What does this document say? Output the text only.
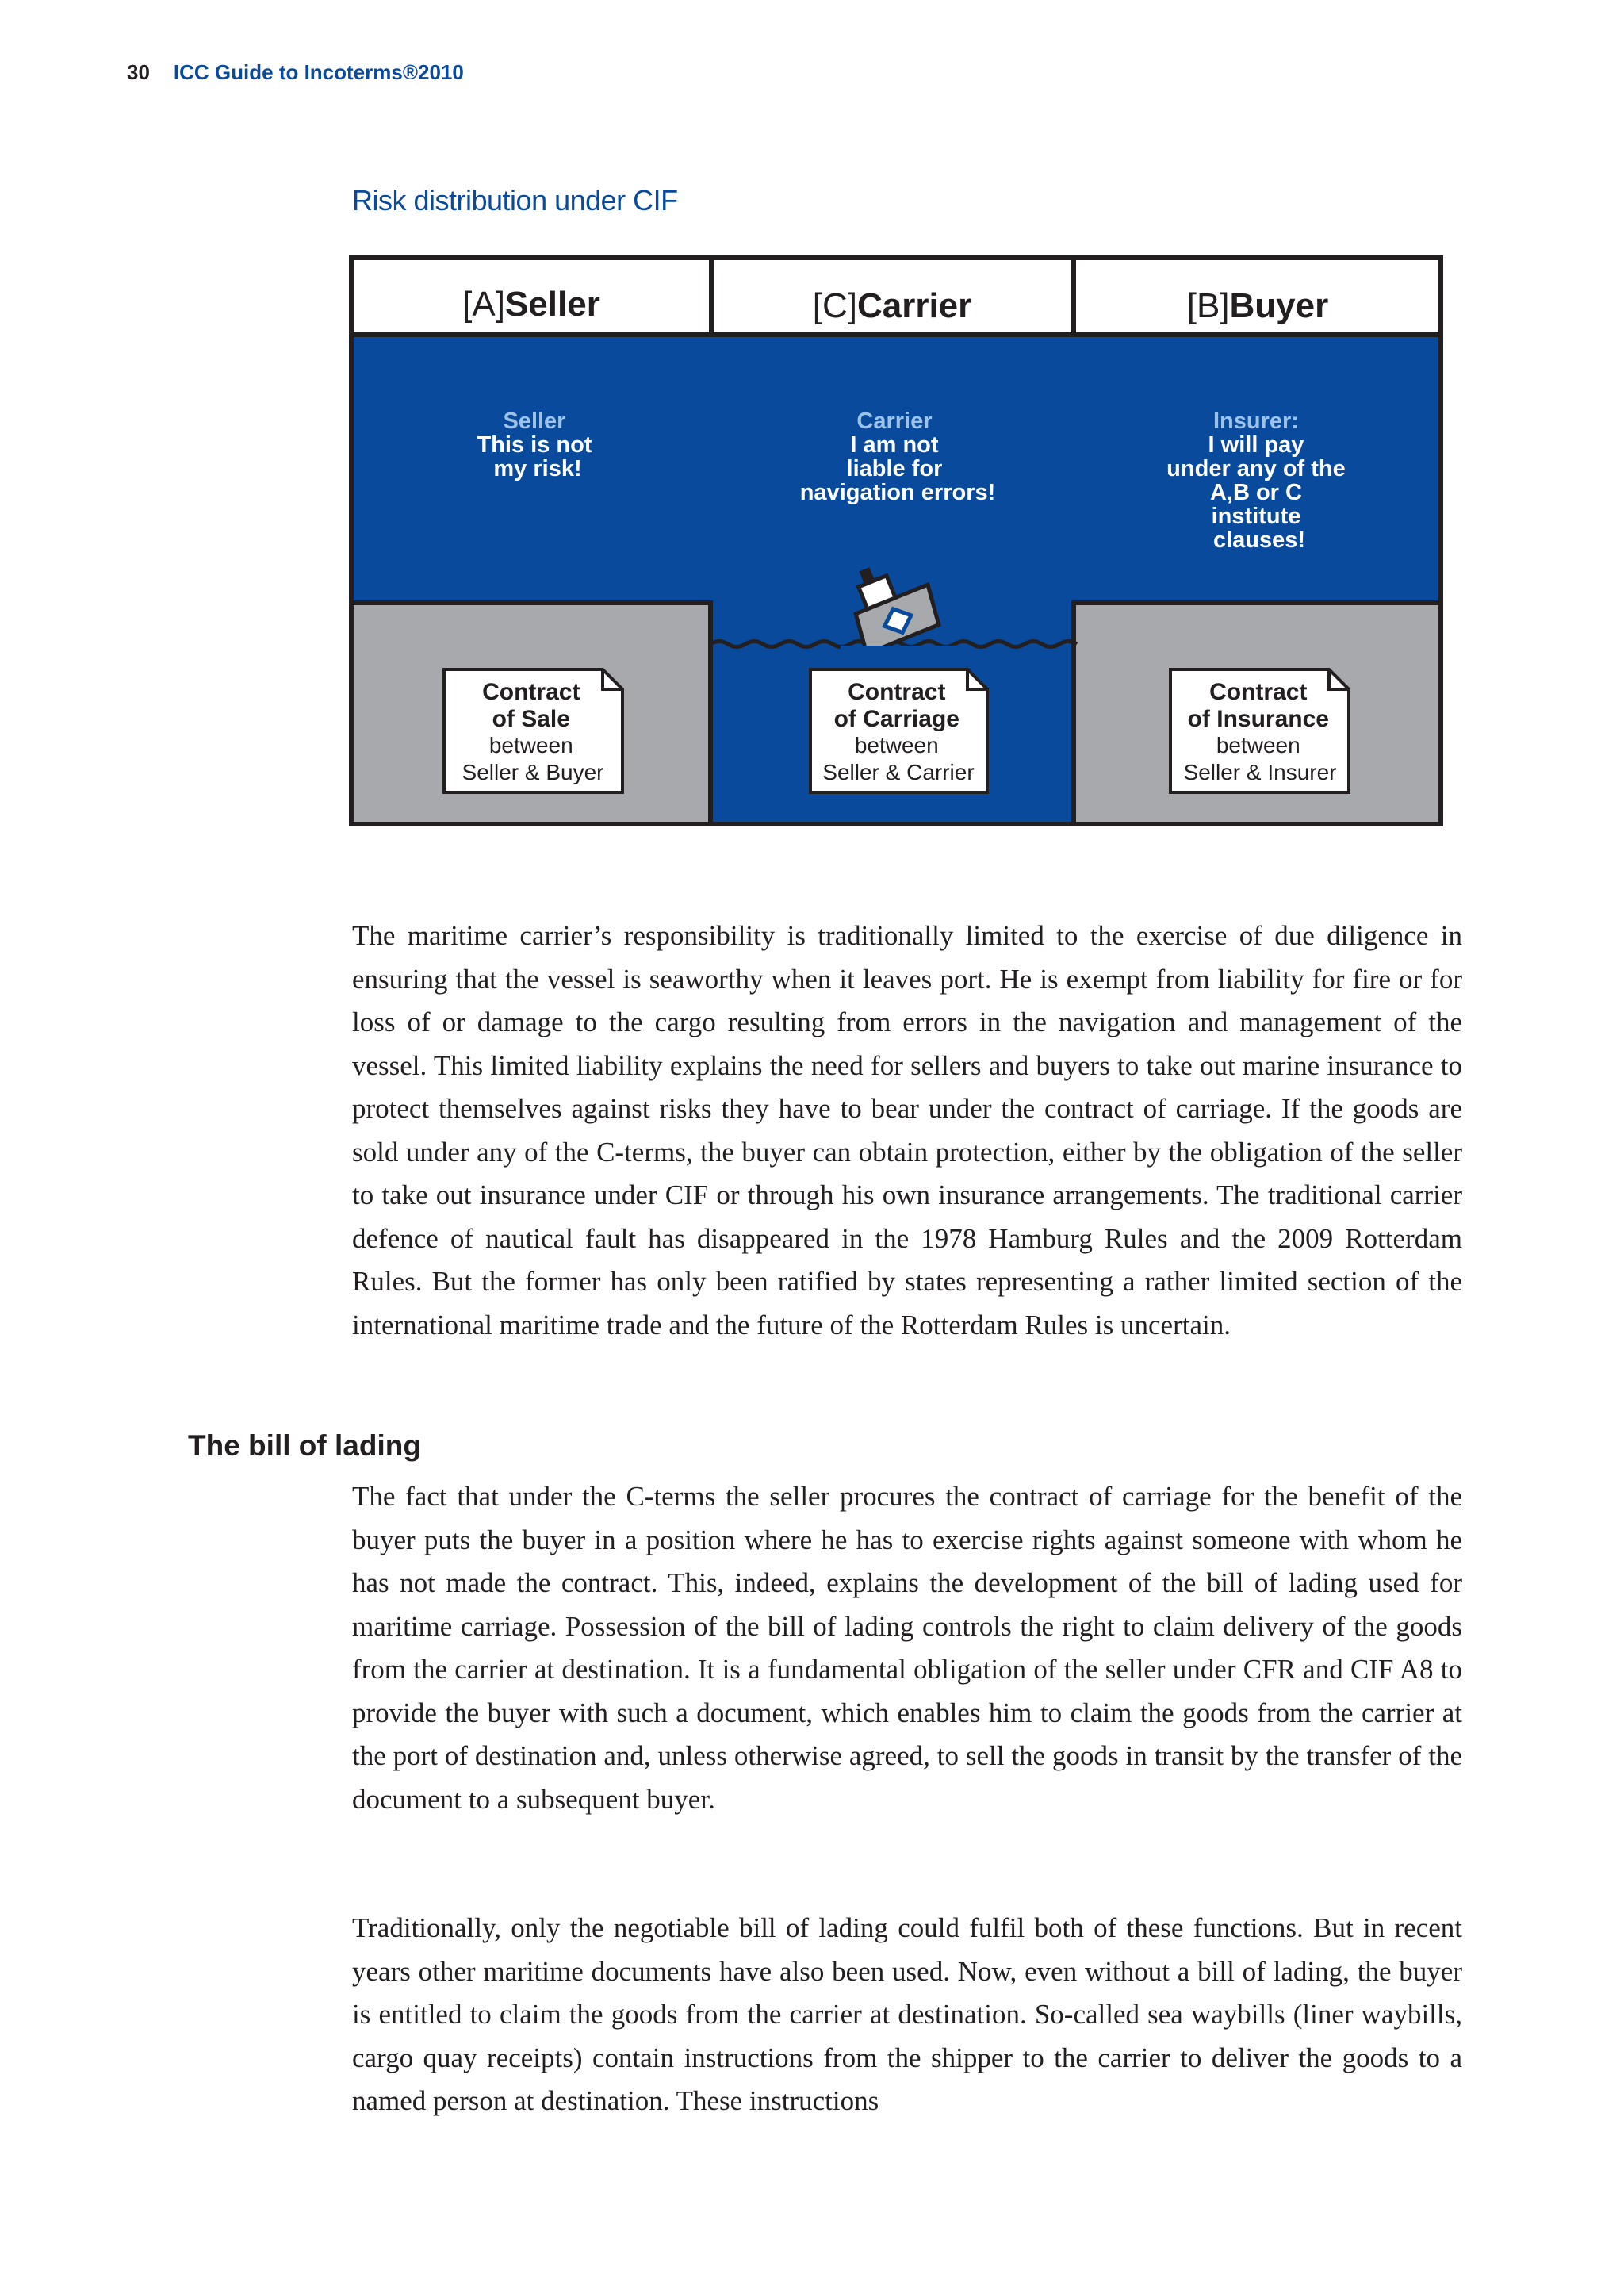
30 ICC Guide to Incoterms®2010
Risk distribution under CIF
[A]Seller	[C]Carrier	[B]Buyer
Seller This is not my risk!
Carrier I am not liable for navigation errors!
Insurer: I will pay under any of the A,B or C institute clauses!
Contract of Sale between Seller & Buyer
Contract of Carriage between Seller & Carrier
Contract of Insurance between Seller & Insurer

The maritime carrier’s responsibility is traditionally limited to the exercise of due diligence in ensuring that the vessel is seaworthy when it leaves port. He is exempt from liability for fire or for loss of or damage to the cargo resulting from errors in the navigation and management of the vessel. This limited liability explains the need for sellers and buyers to take out marine insurance to protect themselves against risks they have to bear under the contract of carriage. If the goods are sold under any of the C-terms, the buyer can obtain protection, either by the obligation of the seller to take out insurance under CIF or through his own insurance arrangements. The traditional carrier defence of nautical fault has disappeared in the 1978 Hamburg Rules and the 2009 Rotterdam Rules. But the former has only been ratified by states representing a rather limited section of the international maritime trade and the future of the Rotterdam Rules is uncertain.

The bill of lading

The fact that under the C-terms the seller procures the contract of carriage for the benefit of the buyer puts the buyer in a position where he has to exercise rights against someone with whom he has not made the contract. This, indeed, explains the development of the bill of lading used for maritime carriage. Possession of the bill of lading controls the right to claim delivery of the goods from the carrier at destination. It is a fundamental obligation of the seller under CFR and CIF A8 to provide the buyer with such a document, which enables him to claim the goods from the carrier at the port of destination and, unless otherwise agreed, to sell the goods in transit by the transfer of the document to a subsequent buyer.

Traditionally, only the negotiable bill of lading could fulfil both of these functions. But in recent years other maritime documents have also been used. Now, even without a bill of lading, the buyer is entitled to claim the goods from the carrier at destination. So-called sea waybills (liner waybills, cargo quay receipts) contain instructions from the shipper to the carrier to deliver the goods to a named person at destination. These instructions
